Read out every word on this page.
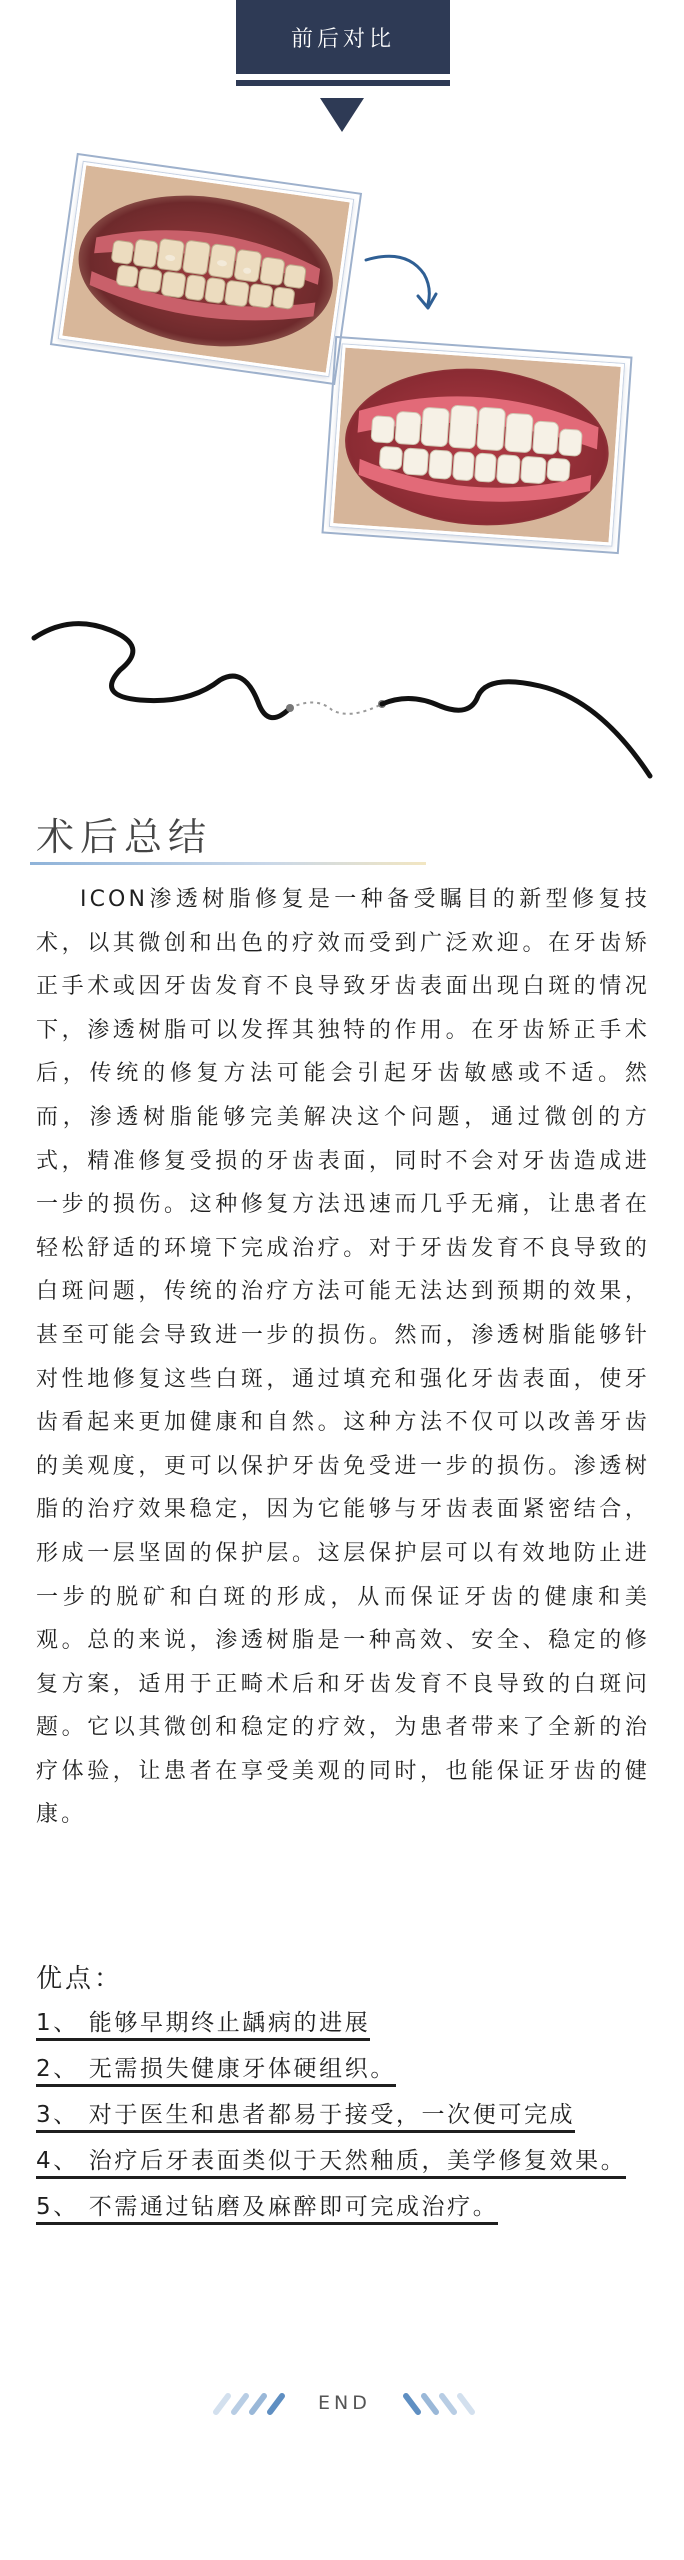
前后对比
术后总结
ICON渗透树脂修复是一种备受瞩目的新型修复技术，以其微创和出色的疗效而受到广泛欢迎。在牙齿矫正手术或因牙齿发育不良导致牙齿表面出现白斑的情况下，渗透树脂可以发挥其独特的作用。在牙齿矫正手术后，传统的修复方法可能会引起牙齿敏感或不适。然而，渗透树脂能够完美解决这个问题，通过微创的方式，精准修复受损的牙齿表面，同时不会对牙齿造成进一步的损伤。这种修复方法迅速而几乎无痛，让患者在轻松舒适的环境下完成治疗。对于牙齿发育不良导致的白斑问题，传统的治疗方法可能无法达到预期的效果，甚至可能会导致进一步的损伤。然而，渗透树脂能够针对性地修复这些白斑，通过填充和强化牙齿表面，使牙齿看起来更加健康和自然。这种方法不仅可以改善牙齿的美观度，更可以保护牙齿免受进一步的损伤。渗透树脂的治疗效果稳定，因为它能够与牙齿表面紧密结合，形成一层坚固的保护层。这层保护层可以有效地防止进一步的脱矿和白斑的形成，从而保证牙齿的健康和美观。总的来说，渗透树脂是一种高效、安全、稳定的修复方案，适用于正畸术后和牙齿发育不良导致的白斑问题。它以其微创和稳定的疗效，为患者带来了全新的治疗体验，让患者在享受美观的同时，也能保证牙齿的健康。
优点：
1、 能够早期终止龋病的进展
2、 无需损失健康牙体硬组织。
3、 对于医生和患者都易于接受，一次便可完成
4、 治疗后牙表面类似于天然釉质，美学修复效果。
5、 不需通过钻磨及麻醉即可完成治疗。
END
